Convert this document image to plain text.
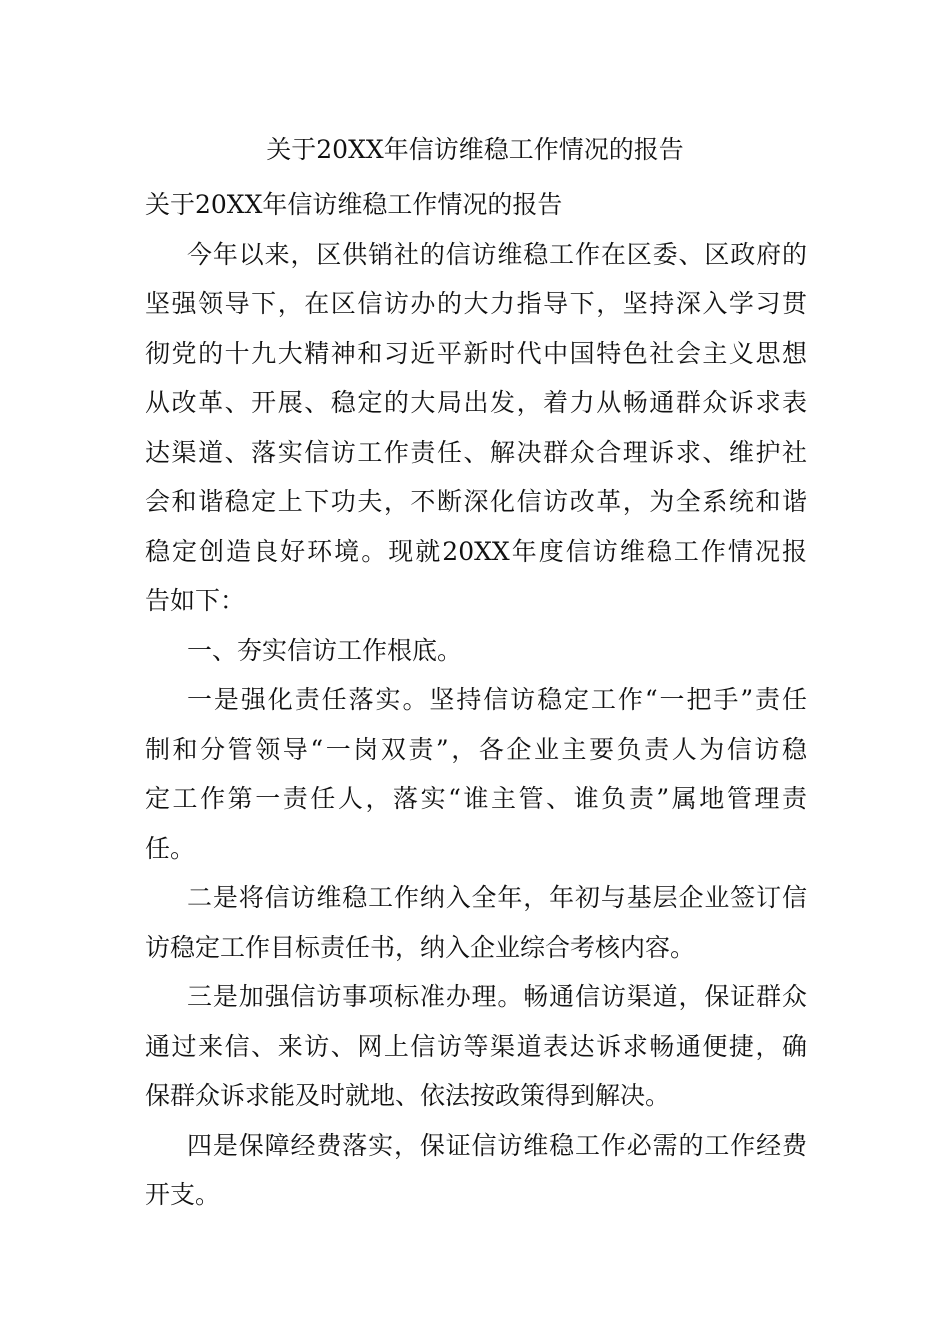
关于20XX年信访维稳工作情况的报告
关于20XX年信访维稳工作情况的报告
今年以来，区供销社的信访维稳工作在区委、区政府的
坚强领导下，在区信访办的大力指导下，坚持深入学习贯
彻党的十九大精神和习近平新时代中国特色社会主义思想
从改革、开展、稳定的大局出发，着力从畅通群众诉求表
达渠道、落实信访工作责任、解决群众合理诉求、维护社
会和谐稳定上下功夫，不断深化信访改革，为全系统和谐
稳定创造良好环境。现就20XX年度信访维稳工作情况报
告如下：
一、夯实信访工作根底。
一是强化责任落实。坚持信访稳定工作“一把手”责任
制和分管领导“一岗双责”，各企业主要负责人为信访稳
定工作第一责任人，落实“谁主管、谁负责”属地管理责
任。
二是将信访维稳工作纳入全年，年初与基层企业签订信
访稳定工作目标责任书，纳入企业综合考核内容。
三是加强信访事项标准办理。畅通信访渠道，保证群众
通过来信、来访、网上信访等渠道表达诉求畅通便捷，确
保群众诉求能及时就地、依法按政策得到解决。
四是保障经费落实，保证信访维稳工作必需的工作经费
开支。
